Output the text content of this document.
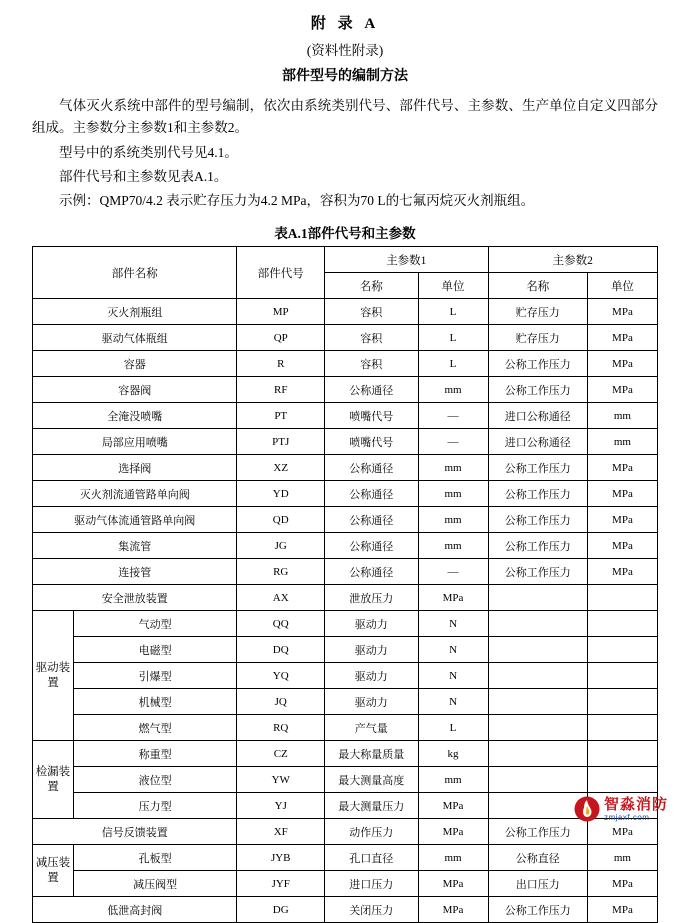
附 录 A
(资料性附录)
部件型号的编制方法
气体灭火系统中部件的型号编制，依次由系统类别代号、部件代号、主参数、生产单位自定义四部分组成。主参数分主参数1和主参数2。
型号中的系统类别代号见4.1。
部件代号和主参数见表A.1。
示例：QMP70/4.2 表示贮存压力为4.2 MPa，容积为70 L的七氟丙烷灭火剂瓶组。
表A.1部件代号和主参数
部件名称		部件代号	主参数1		主参数2	
			名称	单位	名称	单位
灭火剂瓶组		MP	容积	L	贮存压力	MPa
驱动气体瓶组		QP	容积	L	贮存压力	MPa
容器		R	容积	L	公称工作压力	MPa
容器阀		RF	公称通径	mm	公称工作压力	MPa
全淹没喷嘴		PT	喷嘴代号	—	进口公称通径	mm
局部应用喷嘴		PTJ	喷嘴代号	—	进口公称通径	mm
选择阀		XZ	公称通径	mm	公称工作压力	MPa
灭火剂流通管路单向阀		YD	公称通径	mm	公称工作压力	MPa
驱动气体流通管路单向阀		QD	公称通径	mm	公称工作压力	MPa
集流管		JG	公称通径	mm	公称工作压力	MPa
连接管		RG	公称通径	—	公称工作压力	MPa
安全泄放装置		AX	泄放压力	MPa		
驱动装置	气动型	QQ	驱动力	N		
	电磁型	DQ	驱动力	N		
	引爆型	YQ	驱动力	N		
	机械型	JQ	驱动力	N		
	燃气型	RQ	产气量	L		
检漏装置	称重型	CZ	最大称量质量	kg		
	液位型	YW	最大测量高度	mm		
	压力型	YJ	最大测量压力	MPa		
信号反馈装置		XF	动作压力	MPa	公称工作压力	MPa
减压装置	孔板型	JYB	孔口直径	mm	公称直径	mm
	减压阀型	JYF	进口压力	MPa	出口压力	MPa
低泄高封阀		DG	关闭压力	MPa	公称工作压力	MPa
智淼消防
zmjaxf.com
